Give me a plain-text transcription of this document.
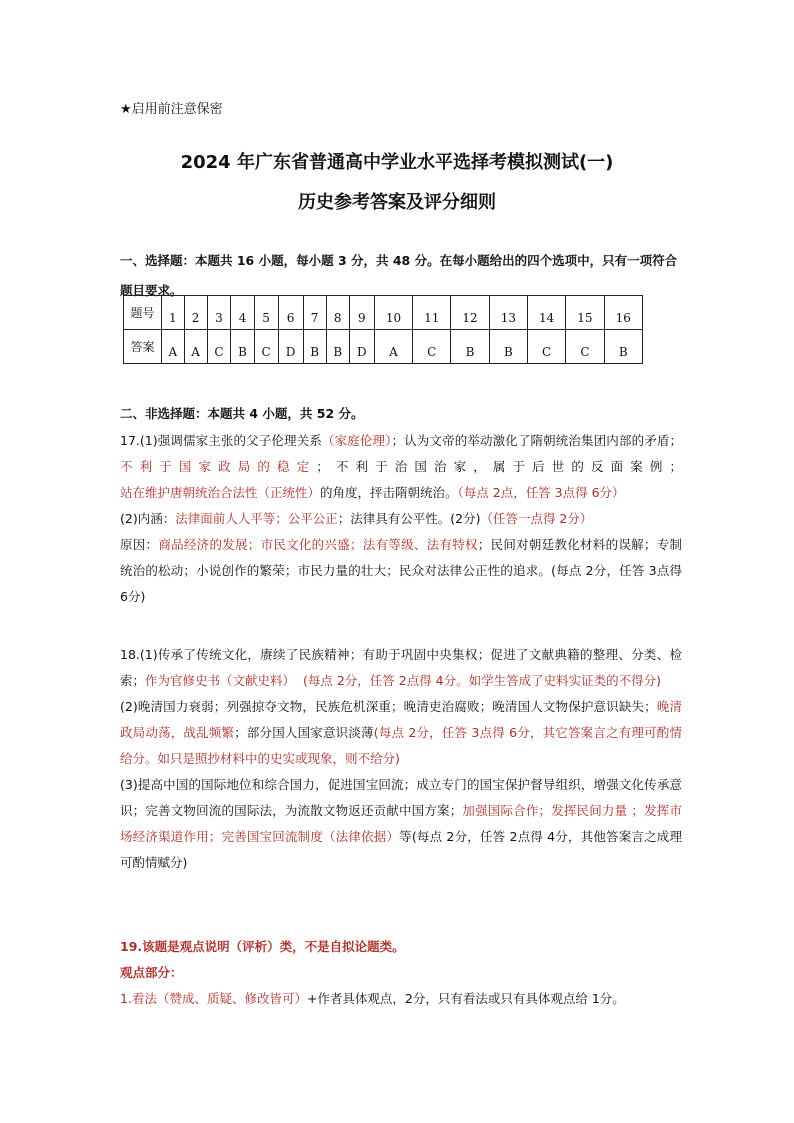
★启用前注意保密
2024 年广东省普通高中学业水平选择考模拟测试(一)
历史参考答案及评分细则
一、选择题：本题共 16 小题，每小题 3 分，共 48 分。在每小题给出的四个选项中，只有一项符合题目要求。
题号	1	2	3	4	5	6	7	8	9	10	11	12	13	14	15	16
答案	A	A	C	B	C	D	B	B	D	A	C	B	B	C	C	B
二、非选择题：本题共 4 小题，共 52 分。

17.(1)强调儒家主张的父子伦理关系（家庭伦理）；认为文帝的举动激化了隋朝统治集团内部的矛盾；不利于国家政局的稳定；不利于治国治家，属于后世的反面案例；站在维护唐朝统治合法性（正统性）的角度，抨击隋朝统治。（每点 2点，任答 3点得 6分）

(2)内涵：法律面前人人平等；公平公正；法律具有公平性。(2分)（任答一点得 2分）

原因：商品经济的发展；市民文化的兴盛；法有等级、法有特权；民间对朝廷教化材料的误解；专制统治的松动；小说创作的繁荣；市民力量的壮大；民众对法律公正性的追求。(每点 2分，任答 3点得 6分)

18.(1)传承了传统文化，赓续了民族精神；有助于巩固中央集权；促进了文献典籍的整理、分类、检索；作为官修史书（文献史料） (每点 2分，任答 2点得 4分。如学生答成了史料实证类的不得分)

(2)晚清国力衰弱；列强掠夺文物，民族危机深重；晚清吏治腐败；晚清国人文物保护意识缺失；晚清政局动荡，战乱频繁；部分国人国家意识淡薄(每点 2分，任答 3点得 6分，其它答案言之有理可酌情给分。如只是照抄材料中的史实或现象，则不给分)

(3)提高中国的国际地位和综合国力，促进国宝回流；成立专门的国宝保护督导组织，增强文化传承意识；完善文物回流的国际法，为流散文物返还贡献中国方案；加强国际合作；发挥民间力量 ；发挥市场经济渠道作用；完善国宝回流制度（法律依据）等(每点 2分，任答 2点得 4分，其他答案言之成理可酌情赋分)

19.该题是观点说明（评析）类，不是自拟论题类。

观点部分：

1.看法（赞成、质疑、修改皆可）+作者具体观点，2分，只有看法或只有具体观点给 1分。
